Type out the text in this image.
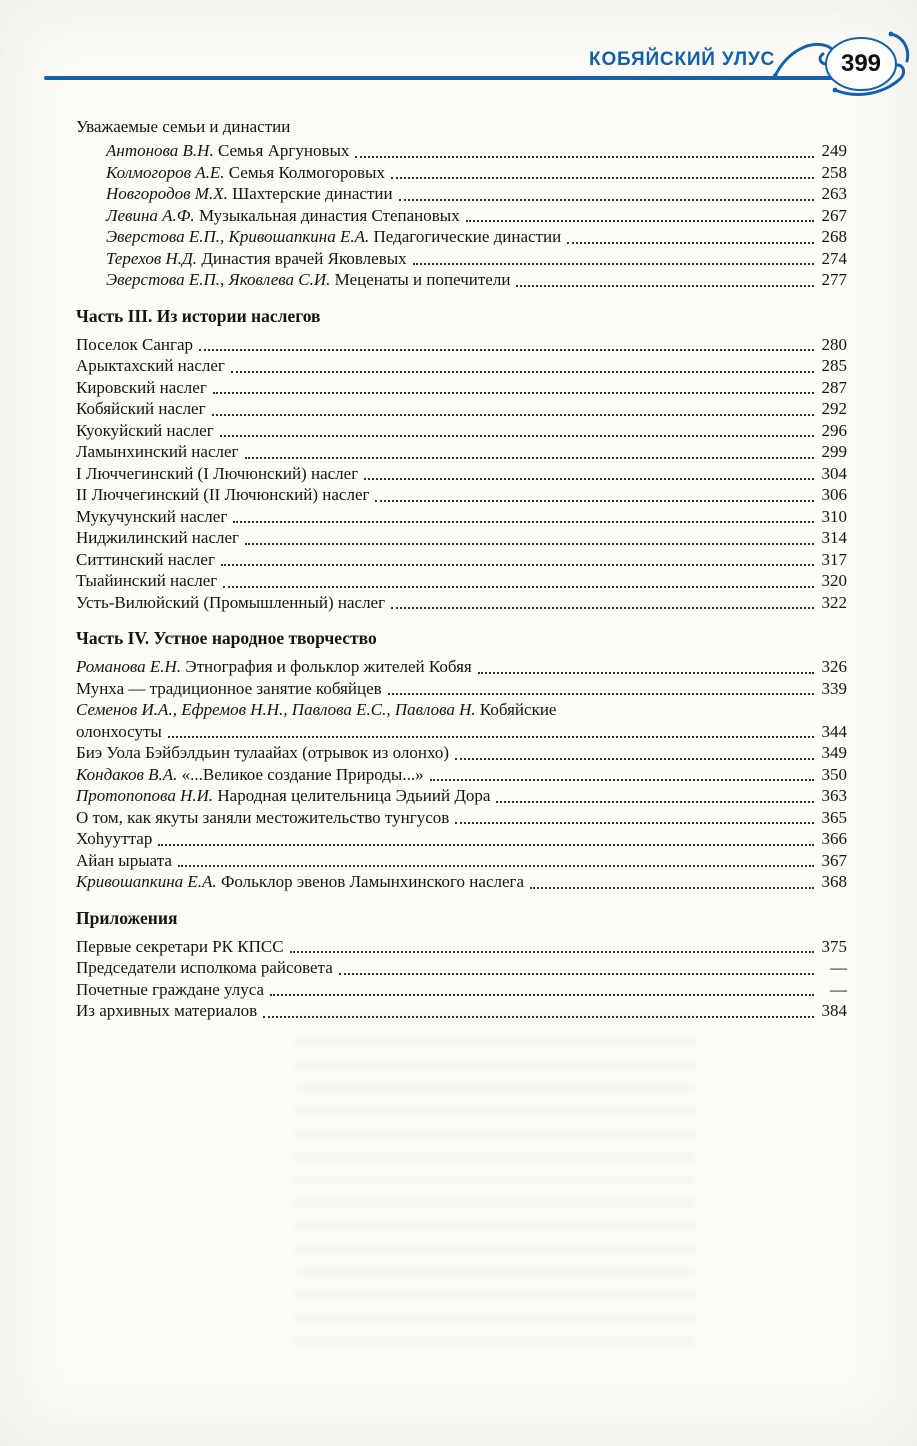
КОБЯЙСКИЙ УЛУС	399
Уважаемые семьи и династии
Антонова В.Н. Семья Аргуновых	249
Колмогоров А.Е. Семья Колмогоровых	258
Новгородов М.Х. Шахтерские династии	263
Левина А.Ф. Музыкальная династия Степановых	267
Эверстова Е.П., Кривошапкина Е.А. Педагогические династии	268
Терехов Н.Д. Династия врачей Яковлевых	274
Эверстова Е.П., Яковлева С.И. Меценаты и попечители	277
Часть III. Из истории наслегов
Поселок Сангар	280
Арыктахский наслег	285
Кировский наслег	287
Кобяйский наслег	292
Куокуйский наслег	296
Ламынхинский наслег	299
I Люччегинский (I Лючюнский) наслег	304
II Люччегинский (II Лючюнский) наслег	306
Мукучунский наслег	310
Ниджилинский наслег	314
Ситтинский наслег	317
Тыайинский наслег	320
Усть-Вилюйский (Промышленный) наслег	322
Часть IV. Устное народное творчество
Романова Е.Н. Этнография и фольклор жителей Кобяя	326
Мунха — традиционное занятие кобяйцев	339
Семенов И.А., Ефремов Н.Н., Павлова Е.С., Павлова Н. Кобяйские
олонхосуты	344
Биэ Уола Бэйбэлдьин тулаайах (отрывок из олонхо)	349
Кондаков В.А. «...Великое создание Природы...»	350
Протопопова Н.И. Народная целительница Эдьиий Дора	363
О том, как якуты заняли местожительство тунгусов	365
Хоһууттар	366
Айан ырыата	367
Кривошапкина Е.А. Фольклор эвенов Ламынхинского наслега	368
Приложения
Первые секретари РК КПСС	375
Председатели исполкома райсовета	—
Почетные граждане улуса	—
Из архивных материалов	384
